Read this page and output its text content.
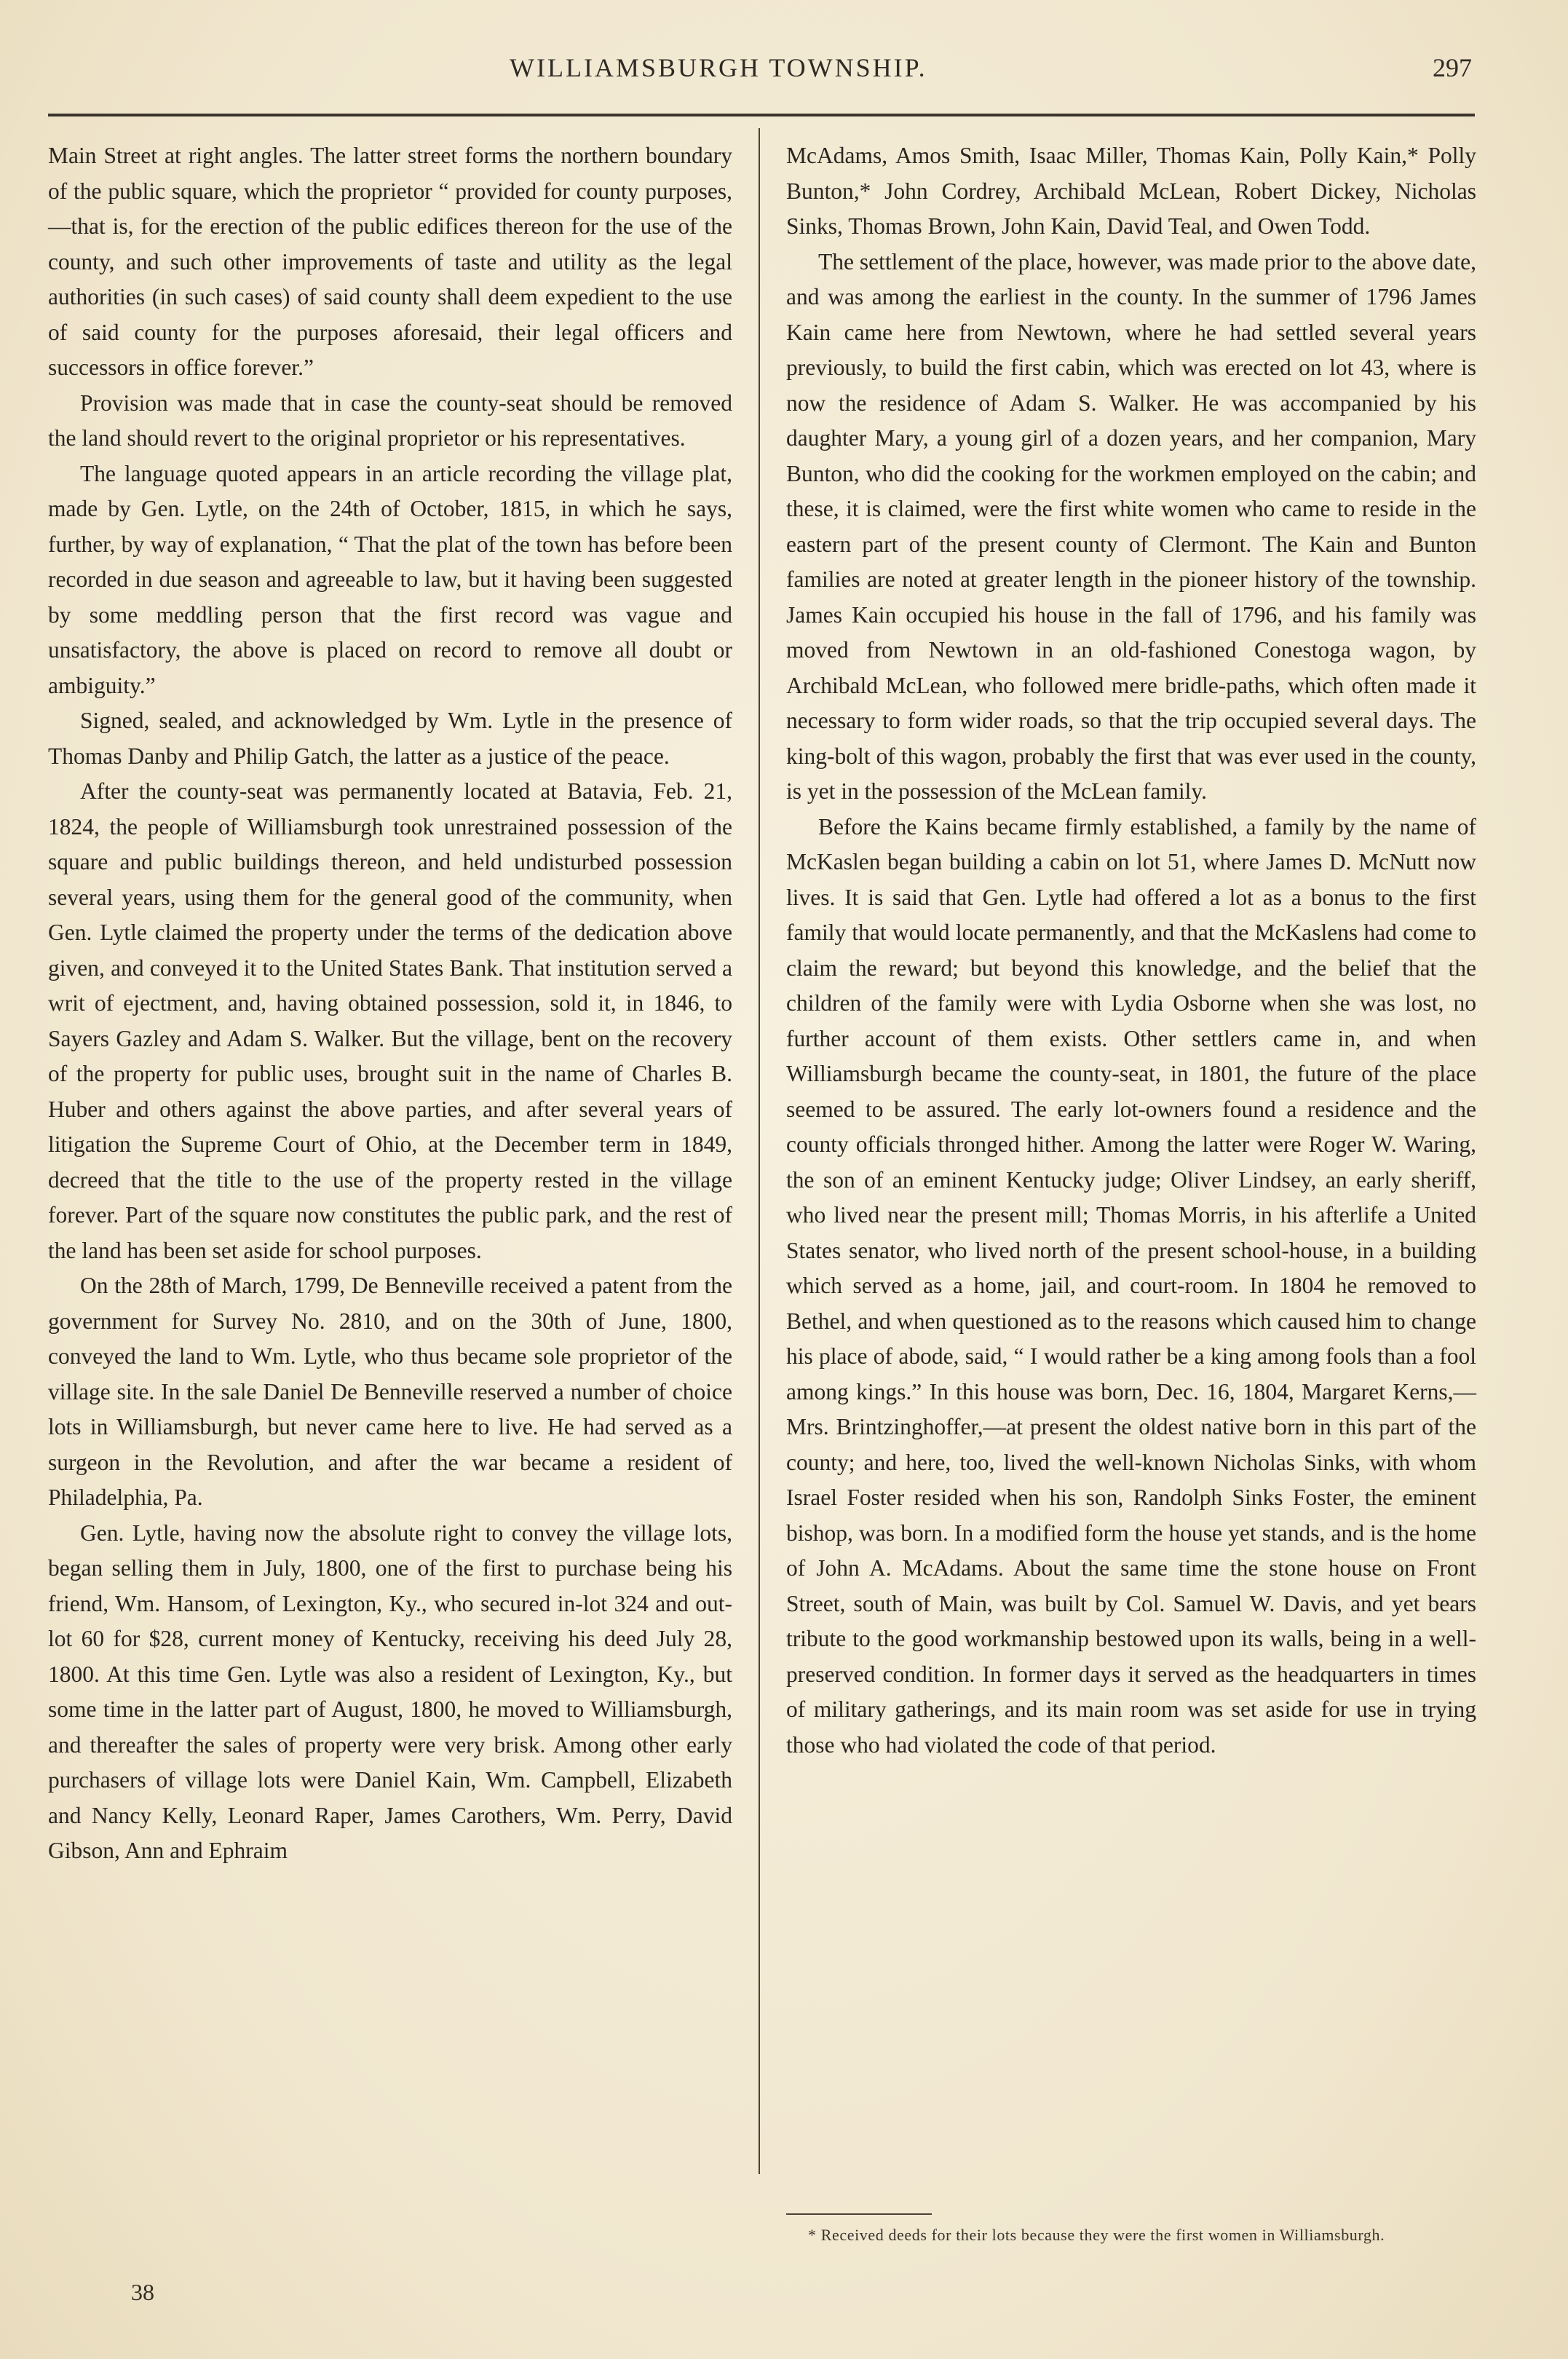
WILLIAMSBURGH TOWNSHIP.	297

Main Street at right angles. The latter street forms the northern boundary of the public square, which the proprietor “ provided for county purposes,—that is, for the erection of the public edifices thereon for the use of the county, and such other improvements of taste and utility as the legal authorities (in such cases) of said county shall deem expedient to the use of said county for the purposes aforesaid, their legal officers and successors in office forever.”

Provision was made that in case the county-seat should be removed the land should revert to the original proprietor or his representatives.

The language quoted appears in an article recording the village plat, made by Gen. Lytle, on the 24th of October, 1815, in which he says, further, by way of explanation, “ That the plat of the town has before been recorded in due season and agreeable to law, but it having been suggested by some meddling person that the first record was vague and unsatisfactory, the above is placed on record to remove all doubt or ambiguity.”

Signed, sealed, and acknowledged by Wm. Lytle in the presence of Thomas Danby and Philip Gatch, the latter as a justice of the peace.

After the county-seat was permanently located at Batavia, Feb. 21, 1824, the people of Williamsburgh took unrestrained possession of the square and public buildings thereon, and held undisturbed possession several years, using them for the general good of the community, when Gen. Lytle claimed the property under the terms of the dedication above given, and conveyed it to the United States Bank. That institution served a writ of ejectment, and, having obtained possession, sold it, in 1846, to Sayers Gazley and Adam S. Walker. But the village, bent on the recovery of the property for public uses, brought suit in the name of Charles B. Huber and others against the above parties, and after several years of litigation the Supreme Court of Ohio, at the December term in 1849, decreed that the title to the use of the property rested in the village forever. Part of the square now constitutes the public park, and the rest of the land has been set aside for school purposes.

On the 28th of March, 1799, De Benneville received a patent from the government for Survey No. 2810, and on the 30th of June, 1800, conveyed the land to Wm. Lytle, who thus became sole proprietor of the village site. In the sale Daniel De Benneville reserved a number of choice lots in Williamsburgh, but never came here to live. He had served as a surgeon in the Revolution, and after the war became a resident of Philadelphia, Pa.

Gen. Lytle, having now the absolute right to convey the village lots, began selling them in July, 1800, one of the first to purchase being his friend, Wm. Hansom, of Lexington, Ky., who secured in-lot 324 and out-lot 60 for $28, current money of Kentucky, receiving his deed July 28, 1800. At this time Gen. Lytle was also a resident of Lexington, Ky., but some time in the latter part of August, 1800, he moved to Williamsburgh, and thereafter the sales of property were very brisk. Among other early purchasers of village lots were Daniel Kain, Wm. Campbell, Elizabeth and Nancy Kelly, Leonard Raper, James Carothers, Wm. Perry, David Gibson, Ann and Ephraim

McAdams, Amos Smith, Isaac Miller, Thomas Kain, Polly Kain,* Polly Bunton,* John Cordrey, Archibald McLean, Robert Dickey, Nicholas Sinks, Thomas Brown, John Kain, David Teal, and Owen Todd.

The settlement of the place, however, was made prior to the above date, and was among the earliest in the county. In the summer of 1796 James Kain came here from Newtown, where he had settled several years previously, to build the first cabin, which was erected on lot 43, where is now the residence of Adam S. Walker. He was accompanied by his daughter Mary, a young girl of a dozen years, and her companion, Mary Bunton, who did the cooking for the workmen employed on the cabin; and these, it is claimed, were the first white women who came to reside in the eastern part of the present county of Clermont. The Kain and Bunton families are noted at greater length in the pioneer history of the township. James Kain occupied his house in the fall of 1796, and his family was moved from Newtown in an old-fashioned Conestoga wagon, by Archibald McLean, who followed mere bridle-paths, which often made it necessary to form wider roads, so that the trip occupied several days. The king-bolt of this wagon, probably the first that was ever used in the county, is yet in the possession of the McLean family.

Before the Kains became firmly established, a family by the name of McKaslen began building a cabin on lot 51, where James D. McNutt now lives. It is said that Gen. Lytle had offered a lot as a bonus to the first family that would locate permanently, and that the McKaslens had come to claim the reward; but beyond this knowledge, and the belief that the children of the family were with Lydia Osborne when she was lost, no further account of them exists. Other settlers came in, and when Williamsburgh became the county-seat, in 1801, the future of the place seemed to be assured. The early lot-owners found a residence and the county officials thronged hither. Among the latter were Roger W. Waring, the son of an eminent Kentucky judge; Oliver Lindsey, an early sheriff, who lived near the present mill; Thomas Morris, in his afterlife a United States senator, who lived north of the present school-house, in a building which served as a home, jail, and court-room. In 1804 he removed to Bethel, and when questioned as to the reasons which caused him to change his place of abode, said, “ I would rather be a king among fools than a fool among kings.” In this house was born, Dec. 16, 1804, Margaret Kerns,—Mrs. Brintzinghoffer,—at present the oldest native born in this part of the county; and here, too, lived the well-known Nicholas Sinks, with whom Israel Foster resided when his son, Randolph Sinks Foster, the eminent bishop, was born. In a modified form the house yet stands, and is the home of John A. McAdams. About the same time the stone house on Front Street, south of Main, was built by Col. Samuel W. Davis, and yet bears tribute to the good workmanship bestowed upon its walls, being in a well-preserved condition. In former days it served as the headquarters in times of military gatherings, and its main room was set aside for use in trying those who had violated the code of that period.

* Received deeds for their lots because they were the first women in Williamsburgh.
38
